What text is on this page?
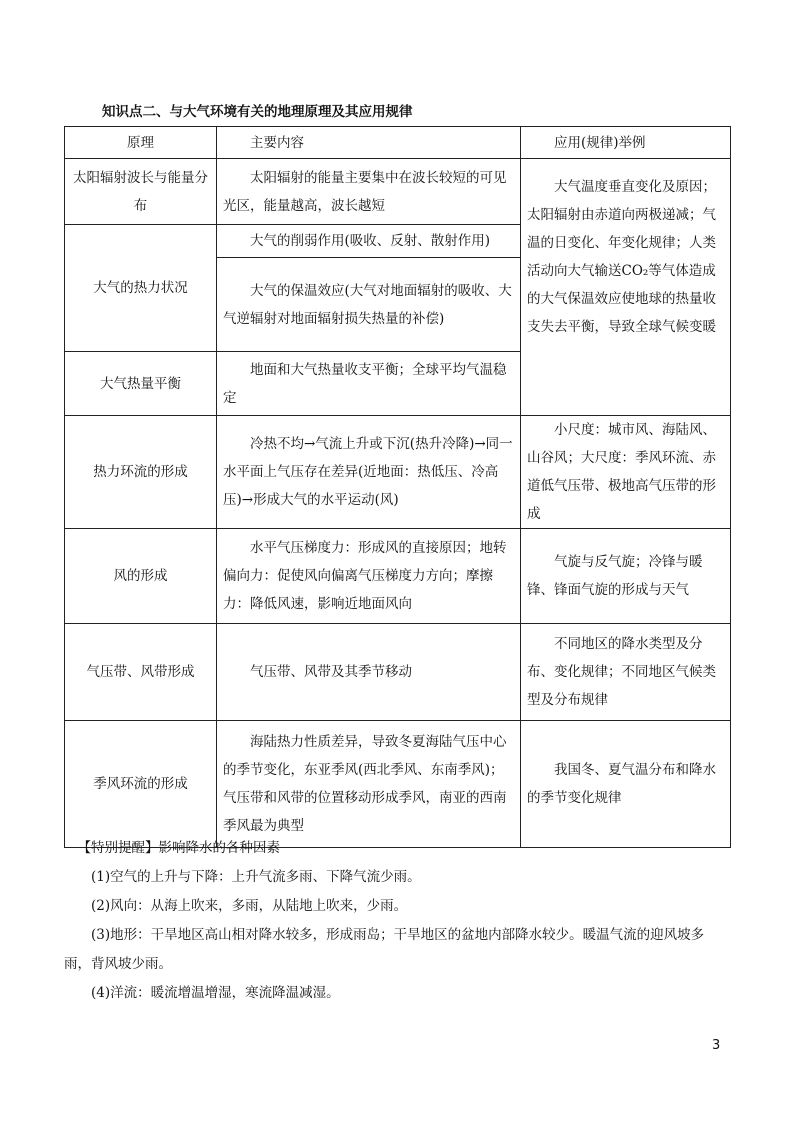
知识点二、与大气环境有关的地理原理及其应用规律
原理	主要内容	应用(规律)举例
太阳辐射波长与能量分布	太阳辐射的能量主要集中在波长较短的可见光区，能量越高，波长越短	大气温度垂直变化及原因；太阳辐射由赤道向两极递减；气温的日变化、年变化规律；人类活动向大气输送CO₂等气体造成的大气保温效应使地球的热量收支失去平衡，导致全球气候变暖
大气的热力状况	大气的削弱作用(吸收、反射、散射作用)	
	大气的保温效应(大气对地面辐射的吸收、大气逆辐射对地面辐射损失热量的补偿)	
大气热量平衡	地面和大气热量收支平衡；全球平均气温稳定	
热力环流的形成	冷热不均→气流上升或下沉(热升冷降)→同一水平面上气压存在差异(近地面：热低压、冷高压)→形成大气的水平运动(风)	小尺度：城市风、海陆风、山谷风；大尺度：季风环流、赤道低气压带、极地高气压带的形成
风的形成	水平气压梯度力：形成风的直接原因；地转偏向力：促使风向偏离气压梯度力方向；摩擦力：降低风速，影响近地面风向	气旋与反气旋；冷锋与暖锋、锋面气旋的形成与天气
气压带、风带形成	气压带、风带及其季节移动	不同地区的降水类型及分布、变化规律；不同地区气候类型及分布规律
季风环流的形成	海陆热力性质差异，导致冬夏海陆气压中心的季节变化，东亚季风(西北季风、东南季风)；气压带和风带的位置移动形成季风，南亚的西南季风最为典型	我国冬、夏气温分布和降水的季节变化规律

【特别提醒】影响降水的各种因素

(1)空气的上升与下降：上升气流多雨、下降气流少雨。

(2)风向：从海上吹来，多雨，从陆地上吹来，少雨。

(3)地形：干旱地区高山相对降水较多，形成雨岛；干旱地区的盆地内部降水较少。暖温气流的迎风坡多雨，背风坡少雨。

(4)洋流：暖流增温增湿，寒流降温减湿。

3
